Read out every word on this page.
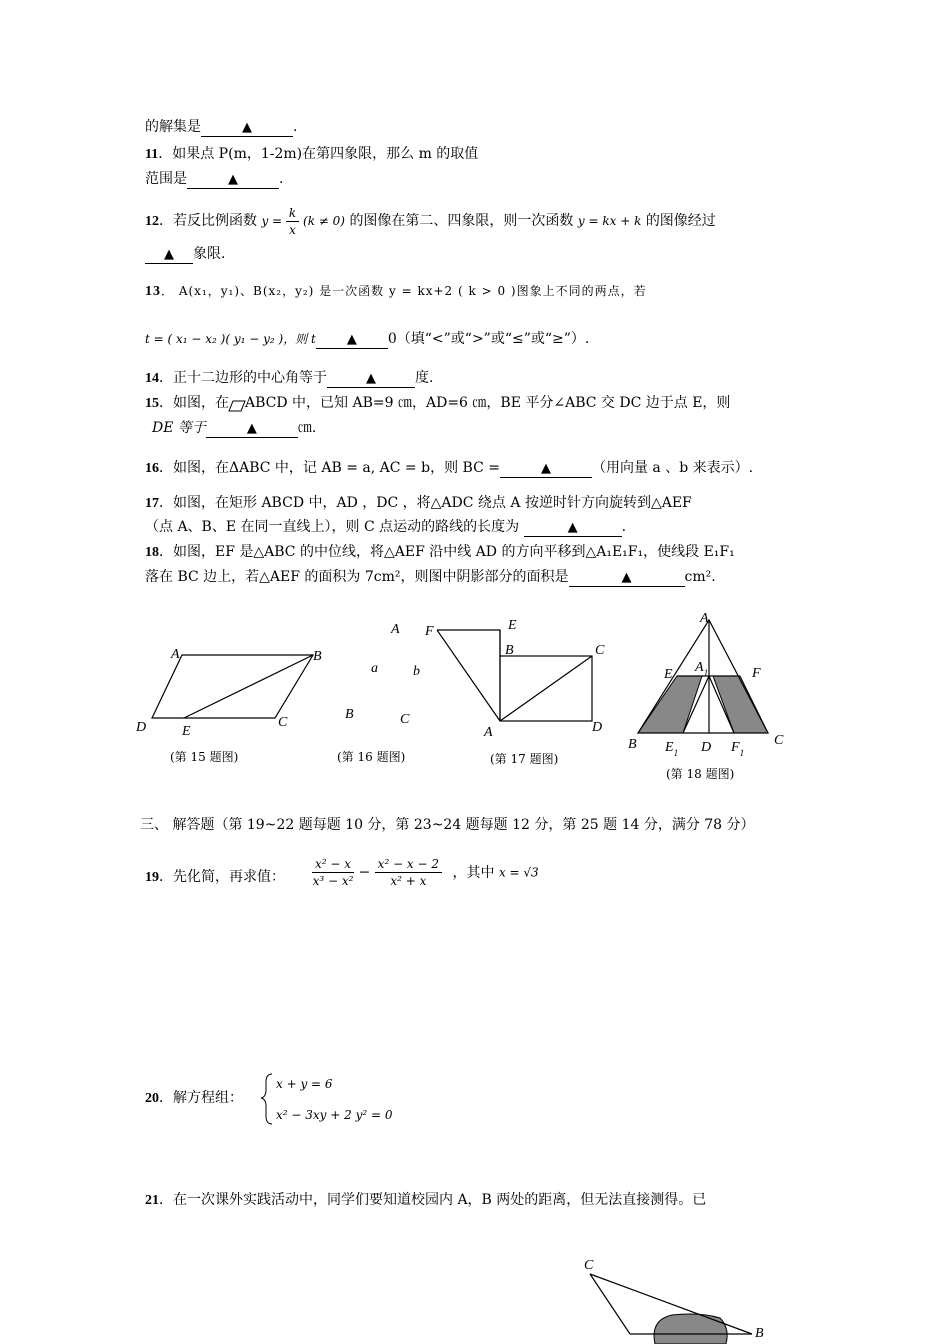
的解集是	▲	.
11．如果点 P(m，1-2m)在第四象限，那么 m 的取值
范围是	▲	.
12．若反比例函数 $y = \frac{k}{x} (k \ne 0)$ 的图像在第二、四象限，则一次函数 y = kx + k 的图像经过
▲ 象限.
13． A(x₁，y₁)、B(x₂，y₂) 是一次函数 y = kx+2 ( k > 0 )图象上不同的两点，若
t = ( x₁ − x₂ )( y₁ − y₂ )，则 t ▲ 0（填“<”或“>”或“≤”或“≥”）.
14．正十二边形的中心角等于	▲	度.
15．如图，在 ABCD 中，已知 AB=9 ㎝，AD=6 ㎝，BE 平分∠ABC 交 DC 边于点 E，则
DE 等于	▲	㎝.
16．如图，在ΔABC 中，记 AB = a, AC = b，则 BC =	▲	（用向量 a 、b 来表示）.
17．如图，在矩形 ABCD 中，AD ，DC ，将△ADC 绕点 A 按逆时针方向旋转到△AEF
（点 A、B、E 在同一直线上），则 C 点运动的路线的长度为	▲	.
18．如图，EF 是△ABC 的中位线，将△AEF 沿中线 AD 的方向平移到△A₁E₁F₁，使线段 E₁F₁
落在 BC 边上，若△AEF 的面积为 7cm²，则图中阴影部分的面积是	▲	cm².
A	B
C
D	E
(第 15 题图)
A
a	b
B	C
(第 16 题图)
F	E
B	C
A	D
(第 17 题图)
A
E $A_1$	F
B $E_1$ D $F_1$
C
(第 18 题图)
三、 解答题（第 19~22 题每题 10 分，第 23~24 题每题 12 分，第 25 题 14 分，满分 78 分）
19．先化简，再求值： $\frac{\text{x² − x}}{\text{x³ − x²}} - \frac{\text{x² − x − 2}}{\text{x² + x}}$ ，其中 x = √3
20．解方程组：
x + y = 6
x² − 3xy + 2 y² = 0
21．在一次课外实践活动中，同学们要知道校园内 A，B 两处的距离，但无法直接测得。已
C
B
